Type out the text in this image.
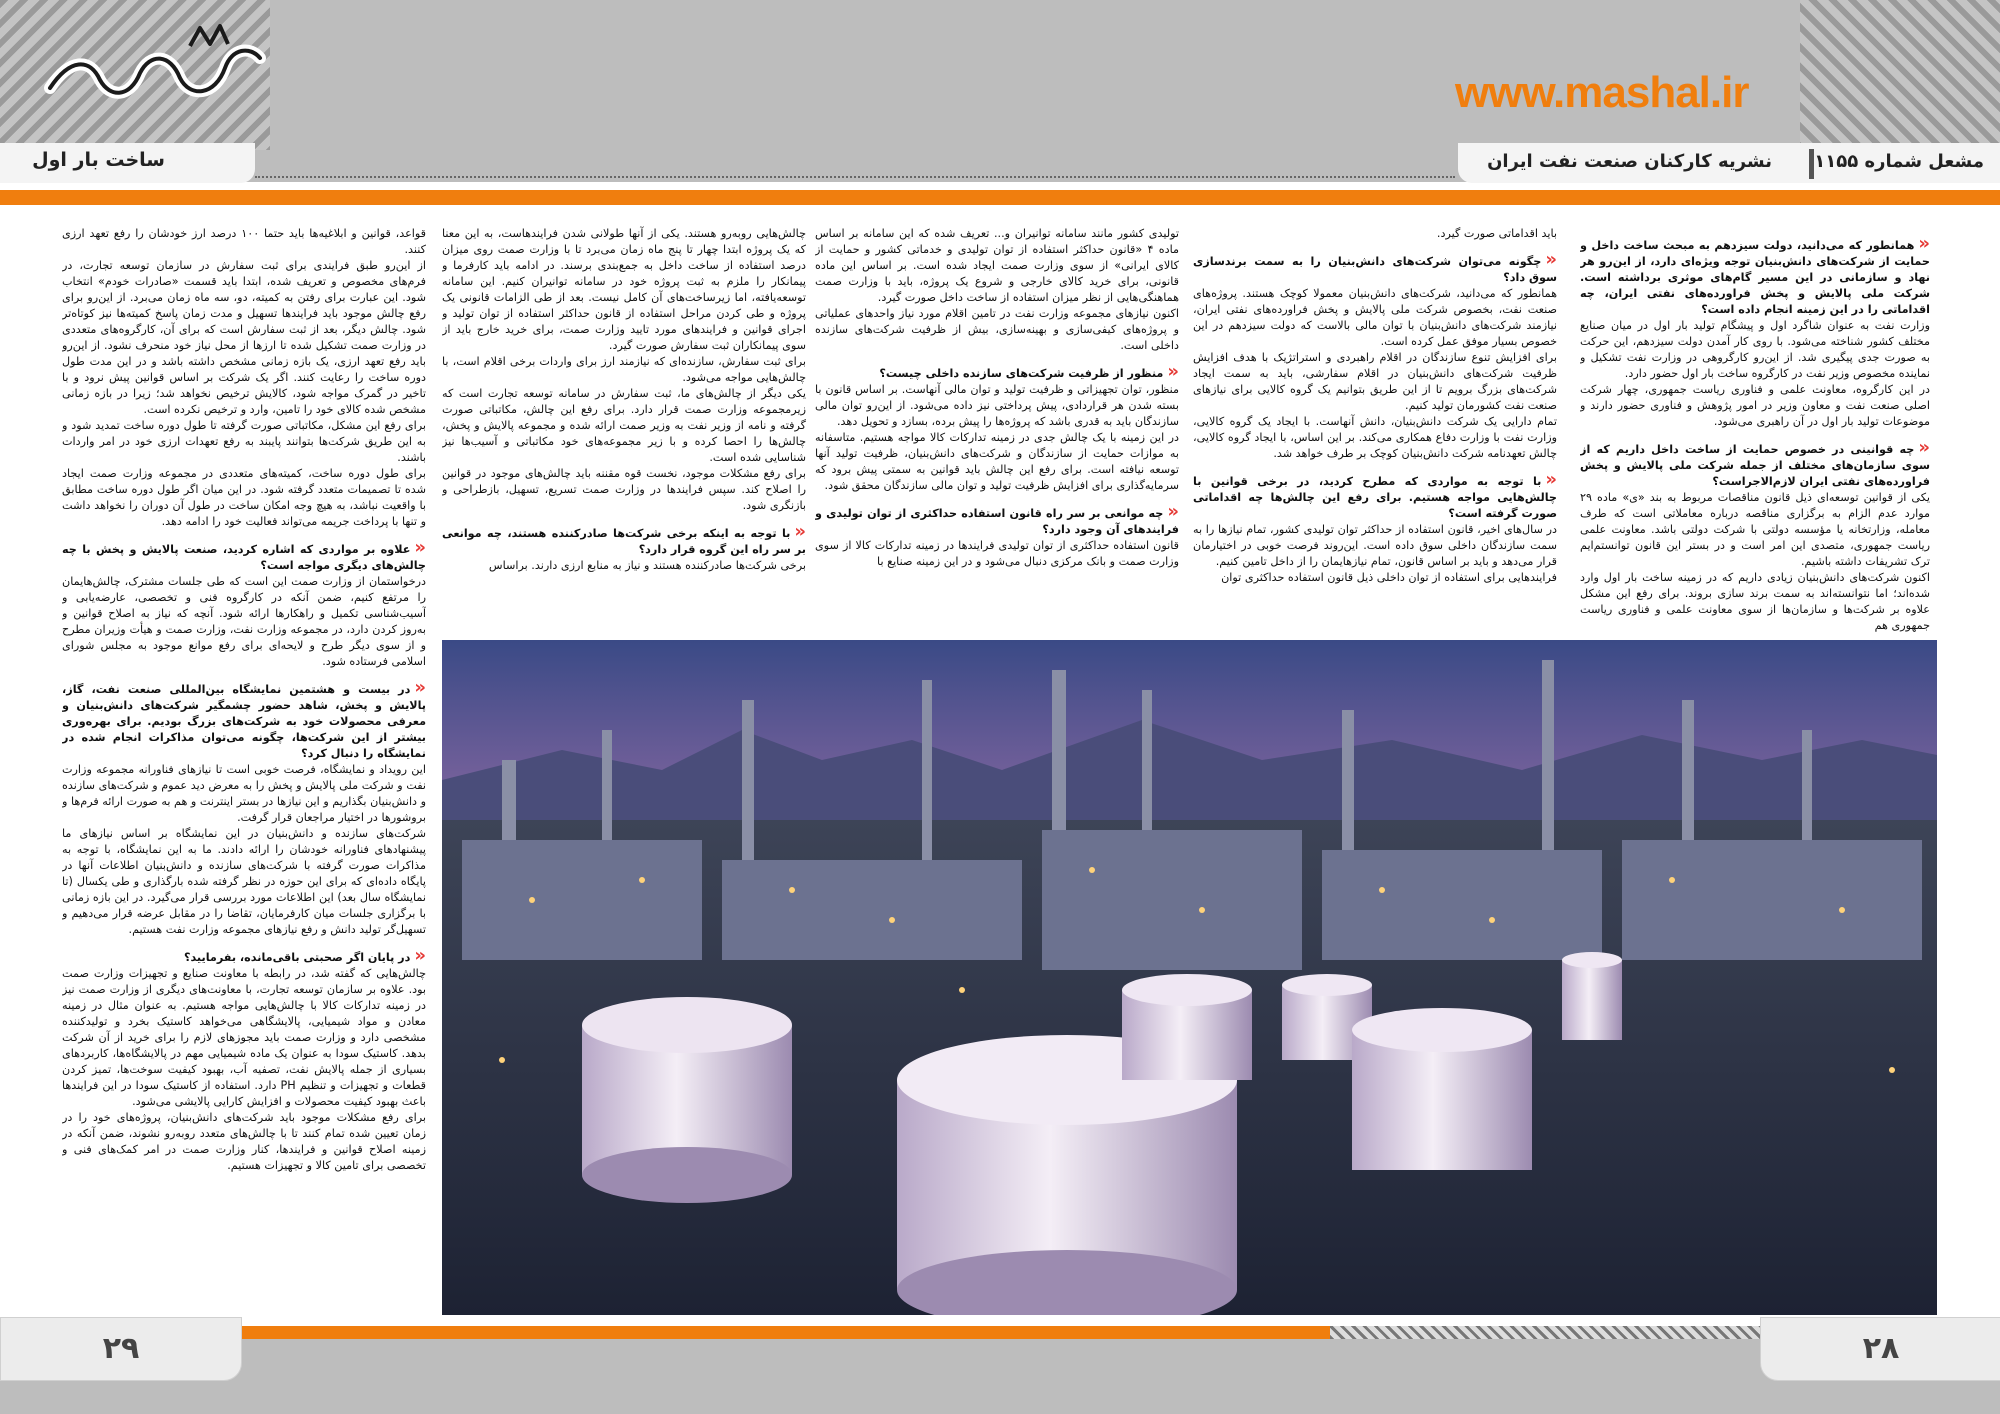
www.mashal.ir
ساخت بار اول	مشعل شماره ۱۱۵۵
نشریه کارکنان صنعت نفت ایران

« همانطور که می‌دانید، دولت سیزدهم به مبحث ساخت داخل و حمایت از شرکت‌های دانش‌بنیان توجه ویژه‌ای دارد، از این‌رو هر نهاد و سازمانی در این مسیر گام‌های موثری برداشته است. شرکت ملی پالایش و پخش فراورده‌های نفتی ایران، چه اقداماتی را در این زمینه انجام داده است؟

وزارت نفت به عنوان شاگرد اول و پیشگام تولید بار اول در میان صنایع مختلف کشور شناخته می‌شود. با روی کار آمدن دولت سیزدهم، این حرکت به صورت جدی پیگیری شد. از این‌رو کارگروهی در وزارت نفت تشکیل و نماینده مخصوص وزیر نفت در کارگروه ساخت بار اول حضور دارد.

در این کارگروه، معاونت علمی و فناوری ریاست جمهوری، چهار شرکت اصلی صنعت نفت و معاون وزیر در امور پژوهش و فناوری حضور دارند و موضوعات تولید بار اول در آن راهبری می‌شود.

« چه قوانینی در خصوص حمایت از ساخت داخل داریم که از سوی سازمان‌های مختلف از جمله شرکت ملی پالایش و پخش فراورده‌های نفتی ایران لازم‌الاجراست؟

یکی از قوانین توسعه‌ای ذیل قانون مناقصات مربوط به بند «ی» ماده ۲۹ موارد عدم الزام به برگزاری مناقصه درباره معاملاتی است که طرف معامله، وزارتخانه یا مؤسسه دولتی با شرکت دولتی باشد. معاونت علمی ریاست جمهوری، متصدی این امر است و در بستر این قانون توانستم‌ایم ترک تشریفات داشته باشیم.

اکنون شرکت‌های دانش‌بنیان زیادی داریم که در زمینه ساخت بار اول وارد شده‌اند؛ اما نتوانسته‌اند به سمت برند سازی بروند. برای رفع این مشکل علاوه بر شرکت‌ها و سازمان‌ها از سوی معاونت علمی و فناوری ریاست جمهوری هم

باید اقداماتی صورت گیرد.

« چگونه می‌توان شرکت‌های دانش‌بنیان را به سمت برندسازی سوق داد؟

همانطور که می‌دانید، شرکت‌های دانش‌بنیان معمولا کوچک هستند. پروژه‌های صنعت نفت، بخصوص شرکت ملی پالایش و پخش فراورده‌های نفتی ایران، نیازمند شرکت‌های دانش‌بنیان با توان مالی بالاست که دولت سیزدهم در این خصوص بسیار موفق عمل کرده است.

برای افزایش تنوع سازندگان در اقلام راهبردی و استراتژیک با هدف افزایش ظرفیت شرکت‌های دانش‌بنیان در اقلام سفارشی، باید به سمت ایجاد شرکت‌های بزرگ برویم تا از این طریق بتوانیم یک گروه کالایی برای نیازهای صنعت نفت کشورمان تولید کنیم.

تمام دارایی یک شرکت دانش‌بنیان، دانش آنهاست. با ایجاد یک گروه کالایی، وزارت نفت با وزارت دفاع همکاری می‌کند. بر این اساس، با ایجاد گروه کالایی، چالش تعهدنامه شرکت دانش‌بنیان کوچک بر طرف خواهد شد.

« با توجه به مواردی که مطرح کردید، در برخی قوانین با چالش‌هایی مواجه هستیم. برای رفع این چالش‌ها چه اقداماتی صورت گرفته است؟

در سال‌های اخیر، قانون استفاده از حداکثر توان تولیدی کشور، تمام نیازها را به سمت سازندگان داخلی سوق داده است. این‌روند فرصت خوبی در اختیارمان قرار می‌دهد و باید بر اساس قانون، تمام نیازهایمان را از داخل تامین کنیم.

فرایندهایی برای استفاده از توان داخلی ذیل قانون استفاده حداکثری توان

تولیدی کشور مانند سامانه توانیران و... تعریف شده که این سامانه بر اساس ماده ۴ «قانون حداکثر استفاده از توان تولیدی و خدماتی کشور و حمایت از کالای ایرانی» از سوی وزارت صمت ایجاد شده است. بر اساس این ماده قانونی، برای خرید کالای خارجی و شروع یک پروژه، باید با وزارت صمت هماهنگی‌هایی از نظر میزان استفاده از ساخت داخل صورت گیرد.

اکنون نیازهای مجموعه وزارت نفت در تامین اقلام مورد نیاز واحدهای عملیاتی و پروژه‌های کیفی‌سازی و بهینه‌سازی، بیش از ظرفیت شرکت‌های سازنده داخلی است.

« منظور از ظرفیت شرکت‌های سازنده داخلی چیست؟

منظور، توان تجهیزاتی و ظرفیت تولید و توان مالی آنهاست. بر اساس قانون با بسته شدن هر قراردادی، پیش پرداختی نیز داده می‌شود. از این‌رو توان مالی سازندگان باید به قدری باشد که پروژه‌ها را پیش برده، بسازد و تحویل دهد.

در این زمینه با یک چالش جدی در زمینه تدارکات کالا مواجه هستیم. متاسفانه به موازات حمایت از سازندگان و شرکت‌های دانش‌بنیان، ظرفیت تولید آنها توسعه نیافته است. برای رفع این چالش باید قوانین به سمتی پیش برود که سرمایه‌گذاری برای افزایش ظرفیت تولید و توان مالی سازندگان محقق شود.

« چه موانعی بر سر راه قانون استفاده حداکثری از توان تولیدی و فرایندهای آن وجود دارد؟

قانون استفاده حداکثری از توان تولیدی فرایندها در زمینه تدارکات کالا از سوی وزارت صمت و بانک مرکزی دنبال می‌شود و در این زمینه صنایع با

چالش‌هایی روبه‌رو هستند. یکی از آنها طولانی شدن فرایندهاست، به این معنا که یک پروژه ابتدا چهار تا پنج ماه زمان می‌برد تا با وزارت صمت روی میزان درصد استفاده از ساخت داخل به جمع‌بندی برسند. در ادامه باید کارفرما و پیمانکار را ملزم به ثبت پروژه خود در سامانه توانیران کنیم. این سامانه توسعه‌یافته، اما زیرساخت‌های آن کامل نیست. بعد از طی الزامات قانونی یک پروژه و طی کردن مراحل استفاده از قانون حداکثر استفاده از توان تولید و اجرای قوانین و فرایندهای مورد تایید وزارت صمت، برای خرید خارج باید از سوی پیمانکاران ثبت سفارش صورت گیرد.

برای ثبت سفارش، سازنده‌ای که نیازمند ارز برای واردات برخی اقلام است، با چالش‌هایی مواجه می‌شود.

یکی دیگر از چالش‌های ما، ثبت سفارش در سامانه توسعه تجارت است که زیرمجموعه وزارت صمت قرار دارد. برای رفع این چالش، مکاتباتی صورت گرفته و نامه از وزیر نفت به وزیر صمت ارائه شده و مجموعه پالایش و پخش، چالش‌ها را احصا کرده و با زیر مجموعه‌های خود مکاتباتی و آسیب‌ها نیز شناسایی شده است.

برای رفع مشکلات موجود، نخست قوه مقننه باید چالش‌های موجود در قوانین را اصلاح کند. سپس فرایندها در وزارت صمت تسریع، تسهیل، بازطراحی و بازنگری شود.

« با توجه به اینکه برخی شرکت‌ها صادرکننده هستند، چه موانعی بر سر راه این گروه قرار دارد؟

برخی شرکت‌ها صادرکننده هستند و نیاز به منابع ارزی دارند. براساس

قواعد، قوانین و ابلاغیه‌ها باید حتما ۱۰۰ درصد ارز خودشان را رفع تعهد ارزی کنند.

از این‌رو طبق فرایندی برای ثبت سفارش در سازمان توسعه تجارت، در فرم‌های مخصوص و تعریف شده، ابتدا باید قسمت «صادرات خودم» انتخاب شود. این عبارت برای رفتن به کمیته، دو، سه ماه زمان می‌برد. از این‌رو برای رفع چالش موجود باید فرایندها تسهیل و مدت زمان پاسخ کمیته‌ها نیز کوتاه‌تر شود. چالش دیگر، بعد از ثبت سفارش است که برای آن، کارگروه‌های متعددی در وزارت صمت تشکیل شده تا ارزها از محل نیاز خود منحرف نشود. از این‌رو باید رفع تعهد ارزی، یک بازه زمانی مشخص داشته باشد و در این مدت طول دوره ساخت را رعایت کنند. اگر یک شرکت بر اساس قوانین پیش نرود و با تاخیر در گمرک مواجه شود، کالایش ترخیص نخواهد شد؛ زیرا در بازه زمانی مشخص شده کالای خود را تامین، وارد و ترخیص نکرده است.

برای رفع این مشکل، مکاتباتی صورت گرفته تا طول دوره ساخت تمدید شود و به این طریق شرکت‌ها بتوانند پایبند به رفع تعهدات ارزی خود در امر واردات باشند.

برای طول دوره ساخت، کمیته‌های متعددی در مجموعه وزارت صمت ایجاد شده تا تصمیمات متعدد گرفته شود. در این میان اگر طول دوره ساخت مطابق با واقعیت نباشد، به هیچ وجه امکان ساخت در طول آن دوران را نخواهد داشت و تنها با پرداخت جریمه می‌تواند فعالیت خود را ادامه دهد.

« علاوه بر مواردی که اشاره کردید، صنعت پالایش و پخش با چه چالش‌های دیگری مواجه است؟

درخواستمان از وزارت صمت این است که طی جلسات مشترک، چالش‌هایمان را مرتفع کنیم، ضمن آنکه در کارگروه فنی و تخصصی، عارضه‌یابی و آسیب‌شناسی تکمیل و راهکارها ارائه شود. آنچه که نیاز به اصلاح قوانین و به‌روز کردن دارد، در مجموعه وزارت نفت، وزارت صمت و هیأت وزیران مطرح و از سوی دیگر طرح و لایحه‌ای برای رفع موانع موجود به مجلس شورای اسلامی فرستاده شود.

« در بیست و هشتمین نمایشگاه بین‌المللی صنعت نفت، گاز، پالایش و پخش، شاهد حضور چشمگیر شرکت‌های دانش‌بنیان و معرفی محصولات خود به شرکت‌های بزرگ بودیم. برای بهره‌وری بیشتر از این شرکت‌ها، چگونه می‌توان مذاکرات انجام شده در نمایشگاه را دنبال کرد؟

این رویداد و نمایشگاه، فرصت خوبی است تا نیازهای فناورانه مجموعه وزارت نفت و شرکت ملی پالایش و پخش را به معرض دید عموم و شرکت‌های سازنده و دانش‌بنیان بگذاریم و این نیازها در بستر اینترنت و هم به صورت ارائه فرم‌ها و بروشورها در اختیار مراجعان قرار گرفت.

شرکت‌های سازنده و دانش‌بنیان در این نمایشگاه بر اساس نیازهای ما پیشنهادهای فناورانه خودشان را ارائه دادند. ما به این نمایشگاه، با توجه به مذاکرات صورت گرفته با شرکت‌های سازنده و دانش‌بنیان اطلاعات آنها در پایگاه داده‌ای که برای این حوزه در نظر گرفته شده بارگذاری و طی یکسال (تا نمایشگاه سال بعد) این اطلاعات مورد بررسی قرار می‌گیرد. در این بازه زمانی با برگزاری جلسات میان کارفرمایان، تقاضا را در مقابل عرضه قرار می‌دهیم و تسهیل‌گر تولید دانش و رفع نیازهای مجموعه وزارت نفت هستیم.

« در پایان اگر صحبتی باقی‌مانده، بفرمایید؟

چالش‌هایی که گفته شد، در رابطه با معاونت صنایع و تجهیزات وزارت صمت بود. علاوه بر سازمان توسعه تجارت، با معاونت‌های دیگری از وزارت صمت نیز در زمینه تدارکات کالا با چالش‌هایی مواجه هستیم. به عنوان مثال در زمینه معادن و مواد شیمیایی، پالایشگاهی می‌خواهد کاستیک بخرد و تولیدکننده مشخصی دارد و وزارت صمت باید مجوزهای لازم را برای خرید از آن شرکت بدهد. کاستیک سودا به عنوان یک ماده شیمیایی مهم در پالایشگاه‌ها، کاربردهای بسیاری از جمله پالایش نفت، تصفیه آب، بهبود کیفیت سوخت‌ها، تمیز کردن قطعات و تجهیزات و تنظیم PH دارد. استفاده از کاستیک سودا در این فرایندها باعث بهبود کیفیت محصولات و افزایش کارایی پالایشی می‌شود.

برای رفع مشکلات موجود باید شرکت‌های دانش‌بنیان، پروژه‌های خود را در زمان تعیین شده تمام کنند تا با چالش‌های متعدد روبه‌رو نشوند، ضمن آنکه در زمینه اصلاح قوانین و فرایندها، کنار وزارت صمت در امر کمک‌های فنی و تخصصی برای تامین کالا و تجهیزات هستیم.

۲۹	۲۸
